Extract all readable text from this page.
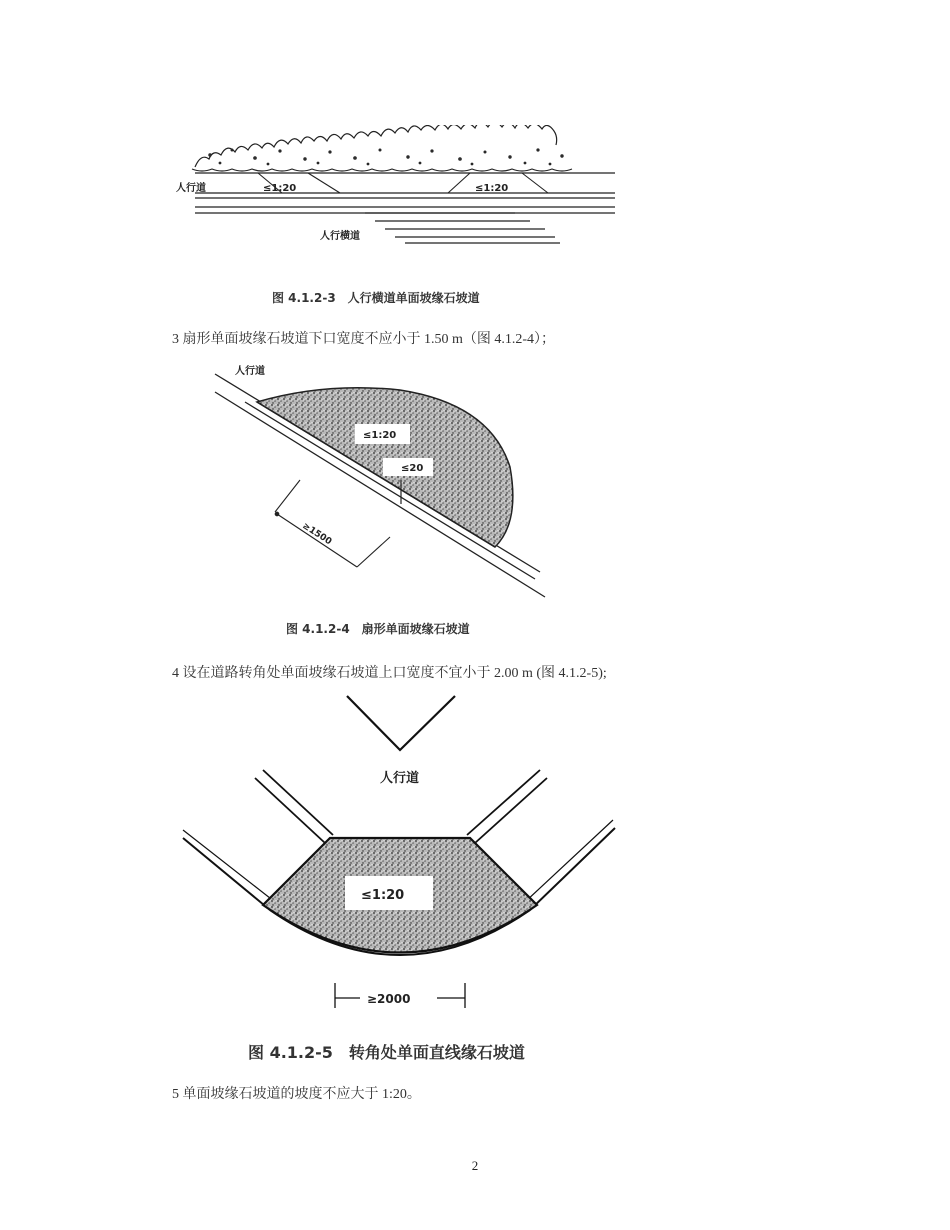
人行道	≤1:20	≤1:20
人行横道
图 4.1.2-3　人行横道单面坡缘石坡道
3 扇形单面坡缘石坡道下口宽度不应小于 1.50 m（图 4.1.2-4）；
≤1:20
≤20
≥1500
人行道
图 4.1.2-4　扇形单面坡缘石坡道
4 设在道路转角处单面坡缘石坡道上口宽度不宜小于 2.00 m (图 4.1.2-5);
人行道
≤1:20
≥2000
图 4.1.2-5　转角处单面直线缘石坡道
5 单面坡缘石坡道的坡度不应大于 1:20。
2
